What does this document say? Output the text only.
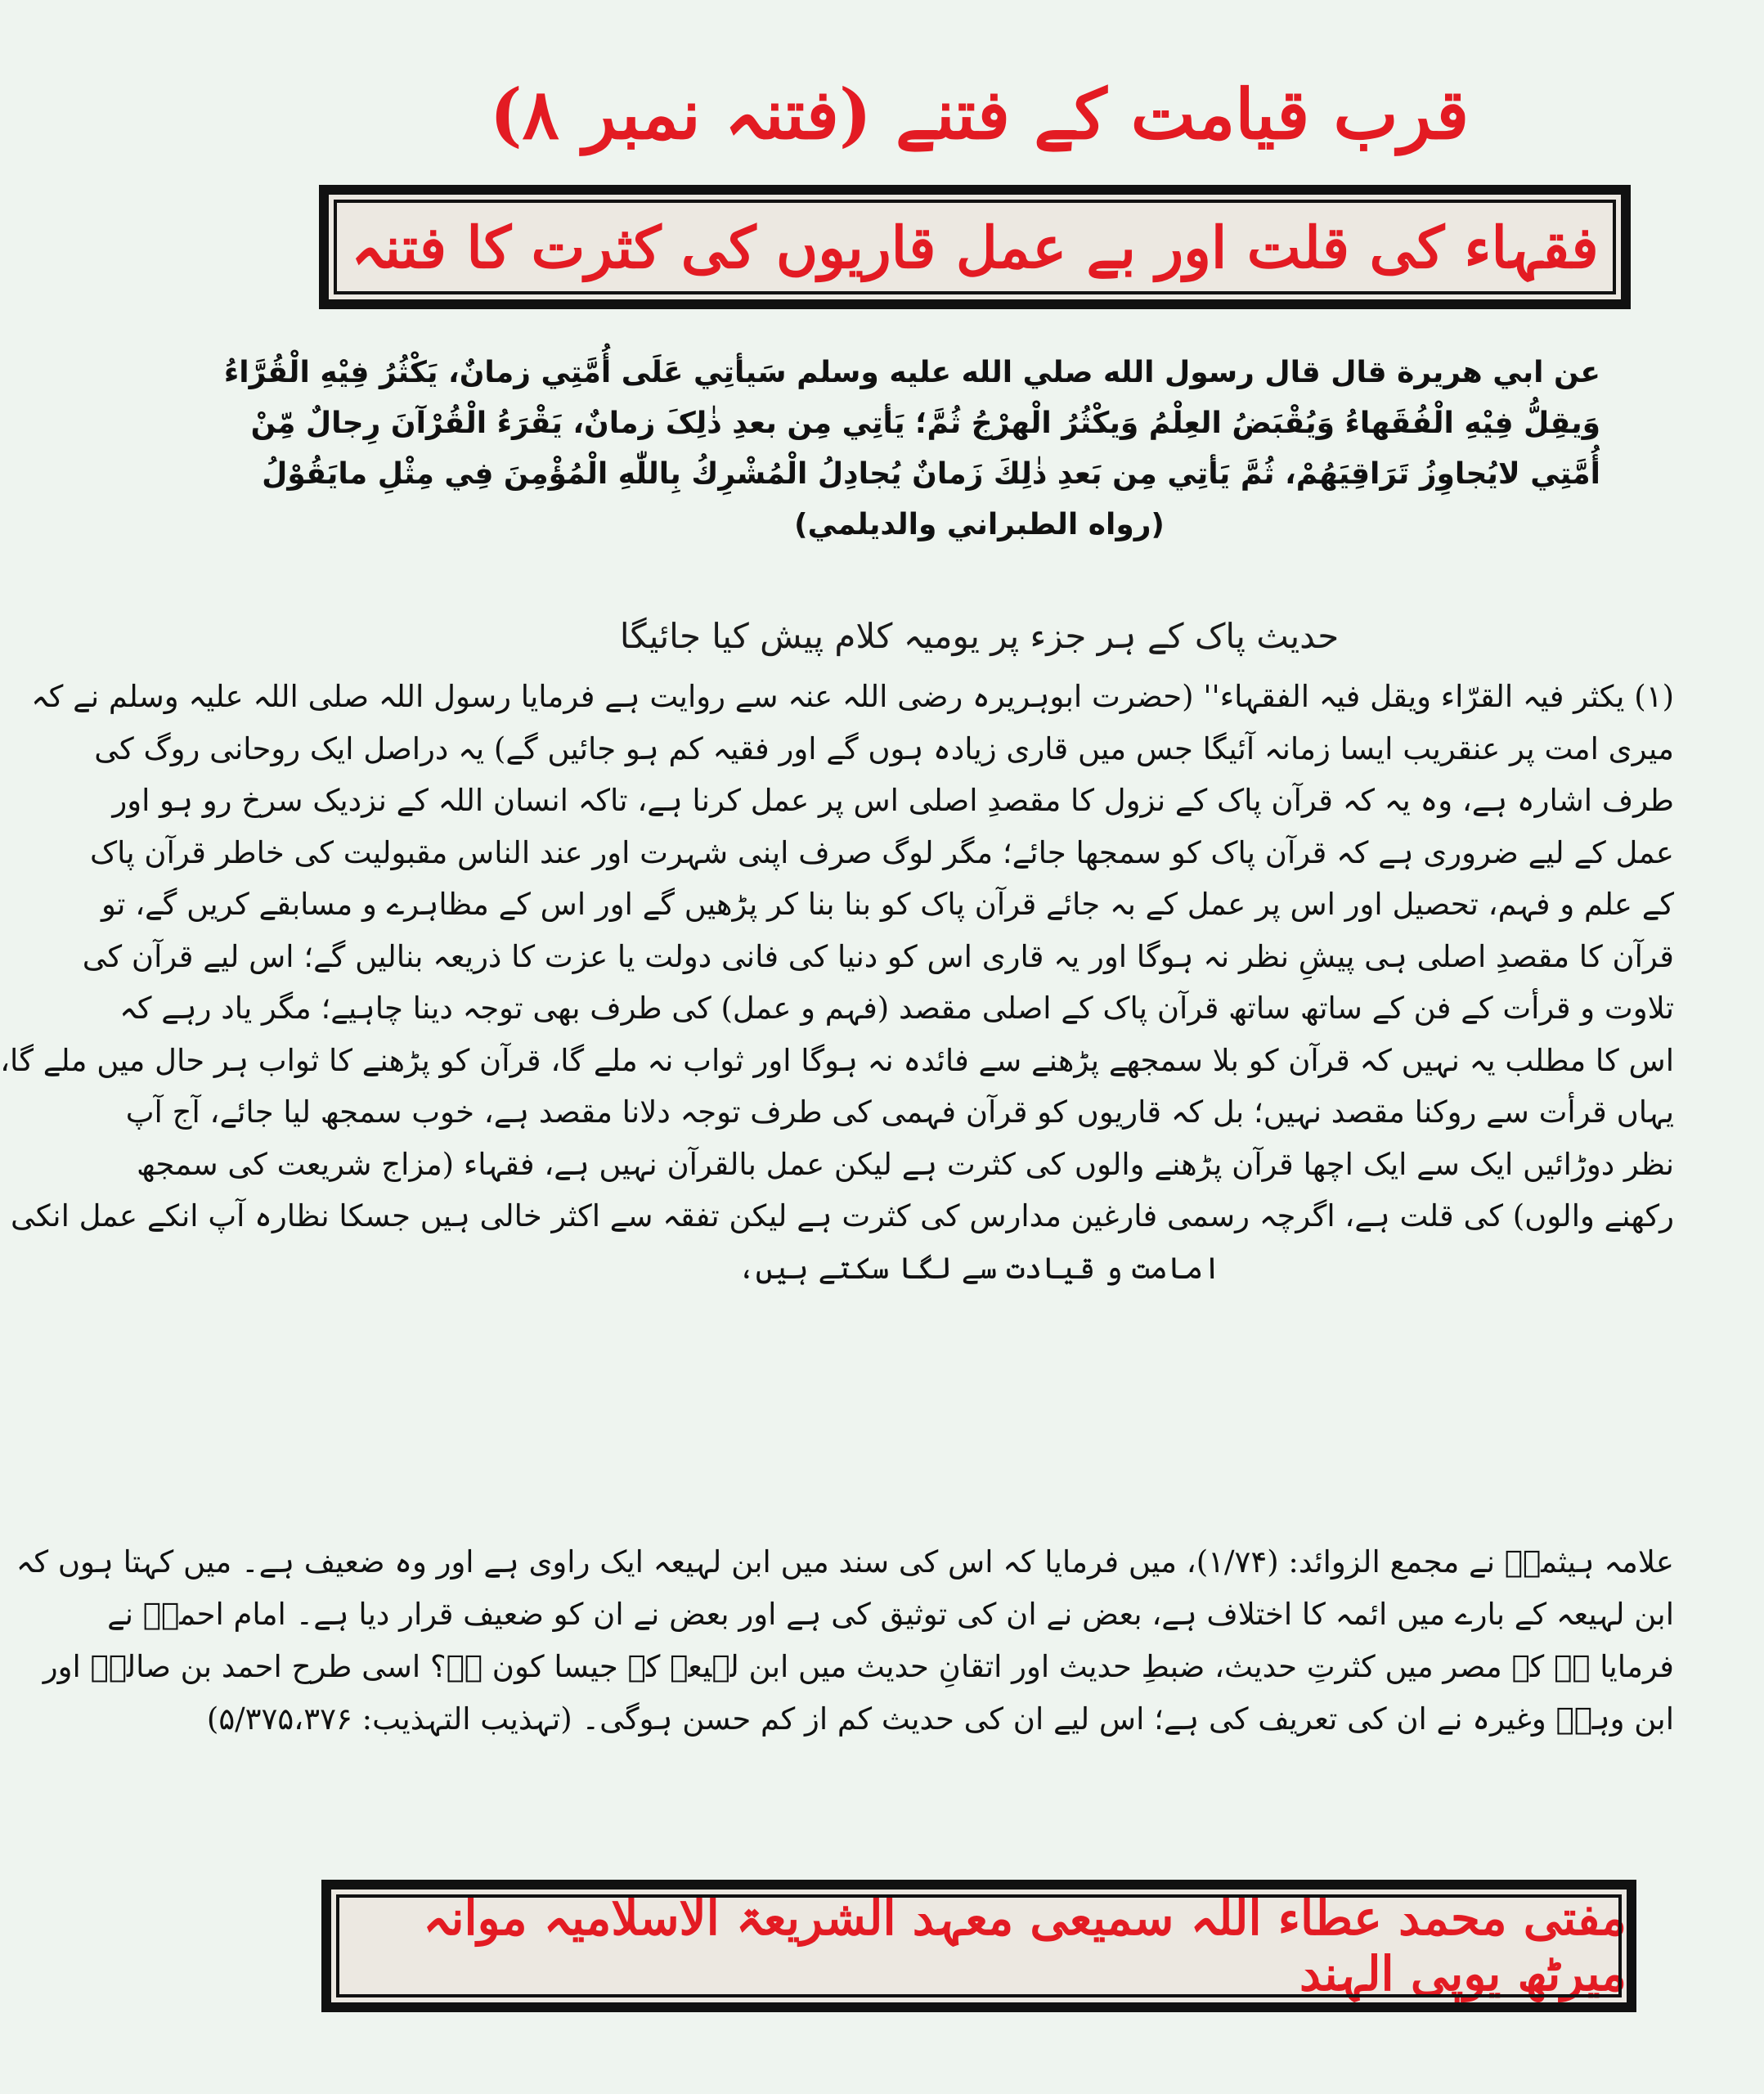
قرب قیامت کے فتنے (فتنہ نمبر ۸)
فقہاء کی قلت اور بے عمل قاریوں کی کثرت کا فتنہ
عن ابي هريرة قال قال رسول الله صلي الله عليه وسلم سَيأتِي عَلَى أُمَّتِي زمانٌ، يَكْثُرُ فِيْهِ الْقُرَّاءُ
وَيقِلُّ فِيْهِ الْفُقَهاءُ وَيُقْبَضُ العِلْمُ وَيكْثُرُ الْهرْجُ ثُمَّ؛ يَأتِي مِن بعدِ ذٰلِکَ زمانٌ، يَقْرَءُ الْقُرْآنَ رِجالٌ مِّنْ
أُمَّتِي لايُجاوِزُ تَرَاقِيَهُمْ، ثُمَّ يَأتِي مِن بَعدِ ذٰلِكَ زَمانٌ يُجادِلُ الْمُشْرِكُ بِاللّٰهِ الْمُؤْمِنَ فِي مِثْلِ مايَقُوْلُ
(رواه الطبراني والديلمي)
حدیث پاک کے ہر جزء پر یومیہ کلام پیش کیا جائیگا
(۱) یکثر فیہ القرّاء ویقل فیہ الفقہاء'' (حضرت ابوہریرہ رضی اللہ عنہ سے روایت ہے فرمایا رسول اللہ صلی اللہ علیہ وسلم نے کہ
میری امت پر عنقریب ایسا زمانہ آئیگا جس میں قاری زیادہ ہوں گے اور فقیہ کم ہو جائیں گے) یہ دراصل ایک روحانی روگ کی
طرف اشارہ ہے، وہ یہ کہ قرآن پاک کے نزول کا مقصدِ اصلی اس پر عمل کرنا ہے، تاکہ انسان اللہ کے نزدیک سرخ رو ہو اور
عمل کے لیے ضروری ہے کہ قرآن پاک کو سمجھا جائے؛ مگر لوگ صرف اپنی شہرت اور عند الناس مقبولیت کی خاطر قرآن پاک
کے علم و فہم، تحصیل اور اس پر عمل کے بہ جائے قرآن پاک کو بنا بنا کر پڑھیں گے اور اس کے مظاہرے و مسابقے کریں گے، تو
قرآن کا مقصدِ اصلی ہی پیشِ نظر نہ ہوگا اور یہ قاری اس کو دنیا کی فانی دولت یا عزت کا ذریعہ بنالیں گے؛ اس لیے قرآن کی
تلاوت و قرأت کے فن کے ساتھ ساتھ قرآن پاک کے اصلی مقصد (فہم و عمل) کی طرف بھی توجہ دینا چاہیے؛ مگر یاد رہے کہ
اس کا مطلب یہ نہیں کہ قرآن کو بلا سمجھے پڑھنے سے فائدہ نہ ہوگا اور ثواب نہ ملے گا، قرآن کو پڑھنے کا ثواب ہر حال میں ملے گا،
یہاں قرأت سے روکنا مقصد نہیں؛ بل کہ قاریوں کو قرآن فہمی کی طرف توجہ دلانا مقصد ہے، خوب سمجھ لیا جائے، آج آپ
نظر دوڑائیں ایک سے ایک اچھا قرآن پڑھنے والوں کی کثرت ہے لیکن عمل بالقرآن نہیں ہے، فقہاء (مزاج شریعت کی سمجھ
رکھنے والوں) کی قلت ہے، اگرچہ رسمی فارغین مدارس کی کثرت ہے لیکن تفقہ سے اکثر خالی ہیں جسکا نظارہ آپ انکے عمل انکی
امامت و قیادت سے لگا سکتے ہیں،
علامہ ہیثمیؒ نے مجمع الزوائد: (۱/۷۴)، میں فرمایا کہ اس کی سند میں ابن لہیعہ ایک راوی ہے اور وہ ضعیف ہے۔ میں کہتا ہوں کہ
ابن لہیعہ کے بارے میں ائمہ کا اختلاف ہے، بعض نے ان کی توثیق کی ہے اور بعض نے ان کو ضعیف قرار دیا ہے۔ امام احمدؒ نے
فرمایا ہے کہ مصر میں کثرتِ حدیث، ضبطِ حدیث اور اتقانِ حدیث میں ابن لہیعہ کے جیسا کون ہے؟ اسی طرح احمد بن صالحؒ اور
ابن وہبؒ وغیرہ نے ان کی تعریف کی ہے؛ اس لیے ان کی حدیث کم از کم حسن ہوگی۔ (تہذیب التہذیب: ۵/۳۷۵،۳۷۶)
مفتی محمد عطاء اللہ سمیعی معہد الشریعۃ الاسلامیہ موانہ میرٹھ یوپی الہند
